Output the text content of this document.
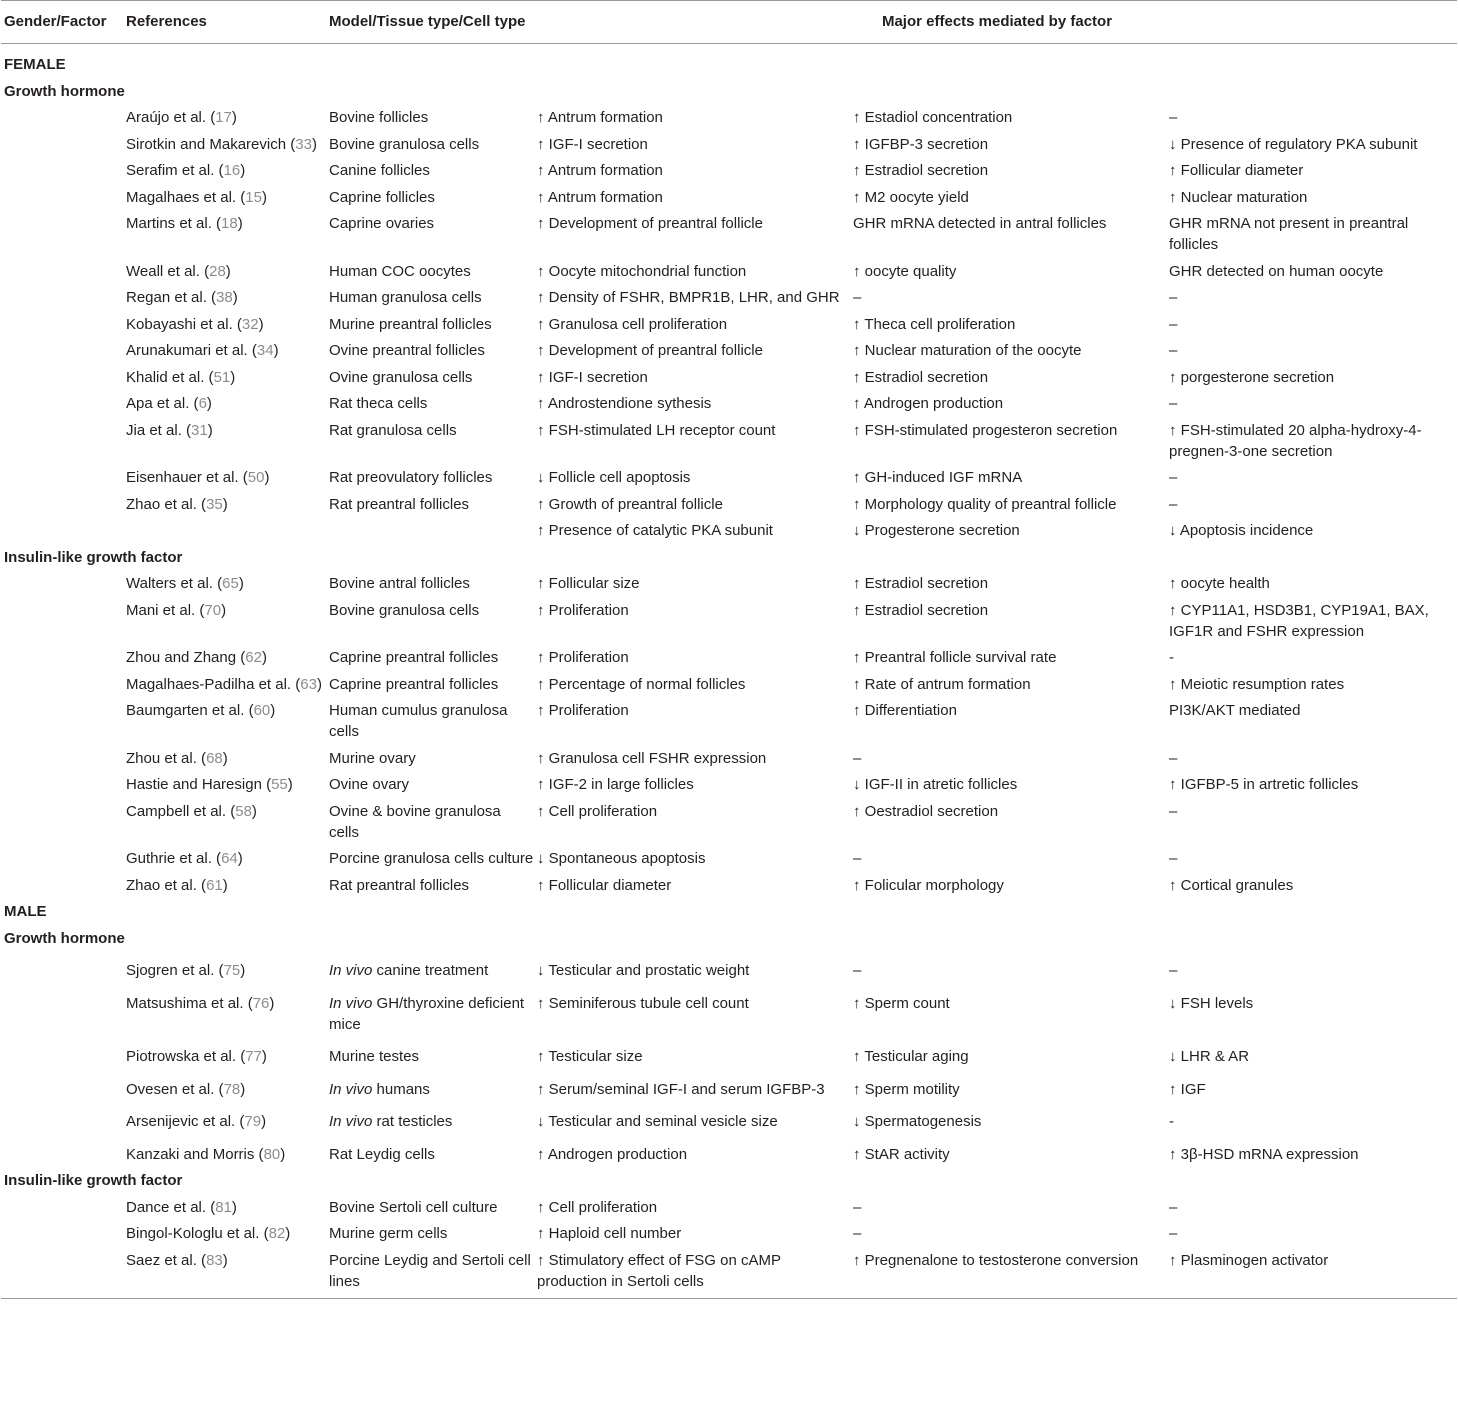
Gender/Factor	References	Model/Tissue type/Cell type	Major effects mediated by factor		

FEMALE					
Growth hormone					
	Araújo et al. (17)	Bovine follicles	↑ Antrum formation	↑ Estadiol concentration	–
	Sirotkin and Makarevich (33)	Bovine granulosa cells	↑ IGF-I secretion	↑ IGFBP-3 secretion	↓ Presence of regulatory PKA subunit
	Serafim et al. (16)	Canine follicles	↑ Antrum formation	↑ Estradiol secretion	↑ Follicular diameter
	Magalhaes et al. (15)	Caprine follicles	↑ Antrum formation	↑ M2 oocyte yield	↑ Nuclear maturation
	Martins et al. (18)	Caprine ovaries	↑ Development of preantral follicle	GHR mRNA detected in antral follicles	GHR mRNA not present in preantral follicles
	Weall et al. (28)	Human COC oocytes	↑ Oocyte mitochondrial function	↑ oocyte quality	GHR detected on human oocyte
	Regan et al. (38)	Human granulosa cells	↑ Density of FSHR, BMPR1B, LHR, and GHR	–	–
	Kobayashi et al. (32)	Murine preantral follicles	↑ Granulosa cell proliferation	↑ Theca cell proliferation	–
	Arunakumari et al. (34)	Ovine preantral follicles	↑ Development of preantral follicle	↑ Nuclear maturation of the oocyte	–
	Khalid et al. (51)	Ovine granulosa cells	↑ IGF-I secretion	↑ Estradiol secretion	↑ porgesterone secretion
	Apa et al. (6)	Rat theca cells	↑ Androstendione sythesis	↑ Androgen production	–
	Jia et al. (31)	Rat granulosa cells	↑ FSH-stimulated LH receptor count	↑ FSH-stimulated progesteron secretion	↑ FSH-stimulated 20 alpha-hydroxy-4-pregnen-3-one secretion
	Eisenhauer et al. (50)	Rat preovulatory follicles	↓ Follicle cell apoptosis	↑ GH-induced IGF mRNA	–
	Zhao et al. (35)	Rat preantral follicles	↑ Growth of preantral follicle	↑ Morphology quality of preantral follicle	–
			↑ Presence of catalytic PKA subunit	↓ Progesterone secretion	↓ Apoptosis incidence
Insulin-like growth factor					
	Walters et al. (65)	Bovine antral follicles	↑ Follicular size	↑ Estradiol secretion	↑ oocyte health
	Mani et al. (70)	Bovine granulosa cells	↑ Proliferation	↑ Estradiol secretion	↑ CYP11A1, HSD3B1, CYP19A1, BAX, IGF1R and FSHR expression
	Zhou and Zhang (62)	Caprine preantral follicles	↑ Proliferation	↑ Preantral follicle survival rate	-
	Magalhaes-Padilha et al. (63)	Caprine preantral follicles	↑ Percentage of normal follicles	↑ Rate of antrum formation	↑ Meiotic resumption rates
	Baumgarten et al. (60)	Human cumulus granulosa cells	↑ Proliferation	↑ Differentiation	PI3K/AKT mediated
	Zhou et al. (68)	Murine ovary	↑ Granulosa cell FSHR expression	–	–
	Hastie and Haresign (55)	Ovine ovary	↑ IGF-2 in large follicles	↓ IGF-II in atretic follicles	↑ IGFBP-5 in artretic follicles
	Campbell et al. (58)	Ovine & bovine granulosa cells	↑ Cell proliferation	↑ Oestradiol secretion	–
	Guthrie et al. (64)	Porcine granulosa cells culture	↓ Spontaneous apoptosis	–	–
	Zhao et al. (61)	Rat preantral follicles	↑ Follicular diameter	↑ Folicular morphology	↑ Cortical granules
MALE					
Growth hormone					
	Sjogren et al. (75)	In vivo canine treatment	↓ Testicular and prostatic weight	–	–
	Matsushima et al. (76)	In vivo GH/thyroxine deficient mice	↑ Seminiferous tubule cell count	↑ Sperm count	↓ FSH levels
	Piotrowska et al. (77)	Murine testes	↑ Testicular size	↑ Testicular aging	↓ LHR & AR
	Ovesen et al. (78)	In vivo humans	↑ Serum/seminal IGF-I and serum IGFBP-3	↑ Sperm motility	↑ IGF
	Arsenijevic et al. (79)	In vivo rat testicles	↓ Testicular and seminal vesicle size	↓ Spermatogenesis	-
	Kanzaki and Morris (80)	Rat Leydig cells	↑ Androgen production	↑ StAR activity	↑ 3β-HSD mRNA expression
Insulin-like growth factor					
	Dance et al. (81)	Bovine Sertoli cell culture	↑ Cell proliferation	–	–
	Bingol-Kologlu et al. (82)	Murine germ cells	↑ Haploid cell number	–	–
	Saez et al. (83)	Porcine Leydig and Sertoli cell lines	↑ Stimulatory effect of FSG on cAMP production in Sertoli cells	↑ Pregnenalone to testosterone conversion	↑ Plasminogen activator
